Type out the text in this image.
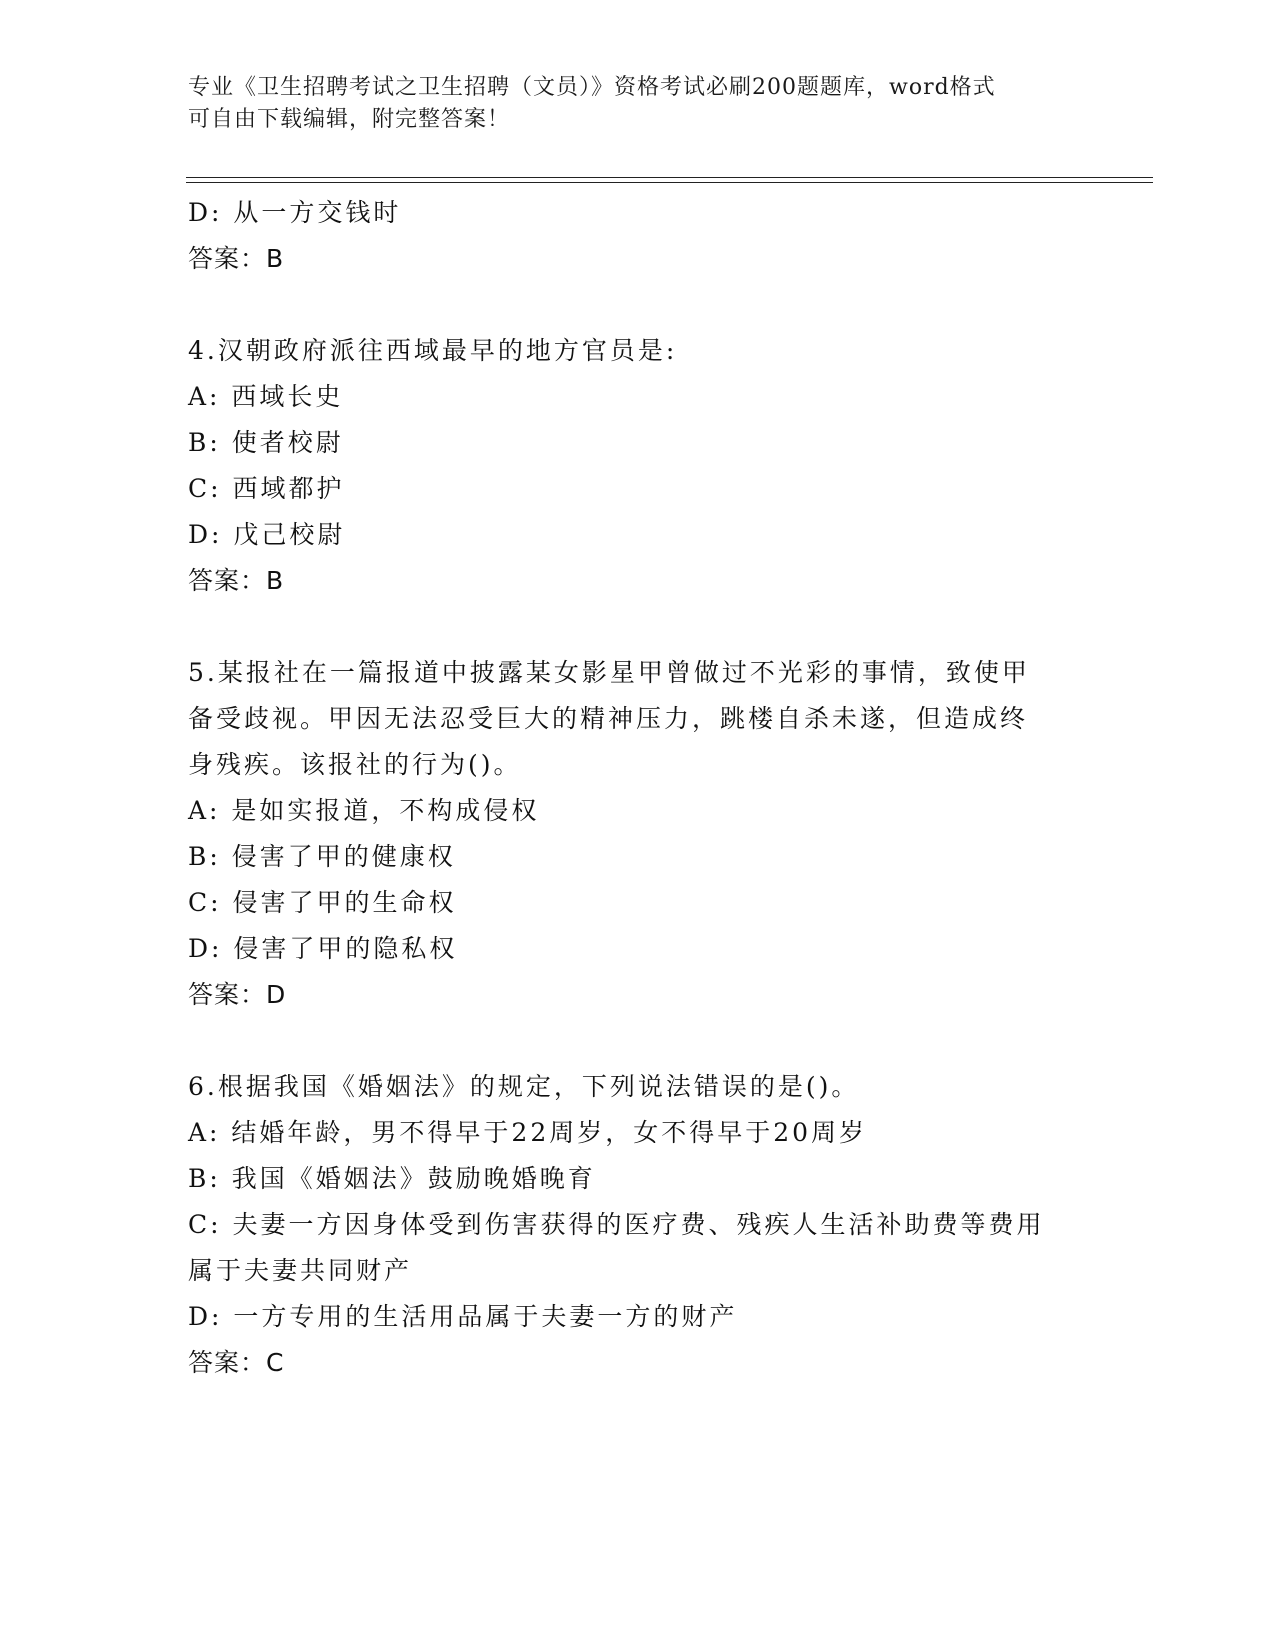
专业《卫生招聘考试之卫生招聘（文员）》资格考试必刷200题题库，word格式
可自由下载编辑，附完整答案！
D: 从一方交钱时
答案：B
4.汉朝政府派往西域最早的地方官员是:
A: 西域长史
B: 使者校尉
C: 西域都护
D: 戊己校尉
答案：B
5.某报社在一篇报道中披露某女影星甲曾做过不光彩的事情，致使甲
备受歧视。甲因无法忍受巨大的精神压力，跳楼自杀未遂，但造成终
身残疾。该报社的行为()。
A: 是如实报道，不构成侵权
B: 侵害了甲的健康权
C: 侵害了甲的生命权
D: 侵害了甲的隐私权
答案：D
6.根据我国《婚姻法》的规定，下列说法错误的是()。
A: 结婚年龄，男不得早于22周岁，女不得早于20周岁
B: 我国《婚姻法》鼓励晚婚晚育
C: 夫妻一方因身体受到伤害获得的医疗费、残疾人生活补助费等费用
属于夫妻共同财产
D: 一方专用的生活用品属于夫妻一方的财产
答案：C
